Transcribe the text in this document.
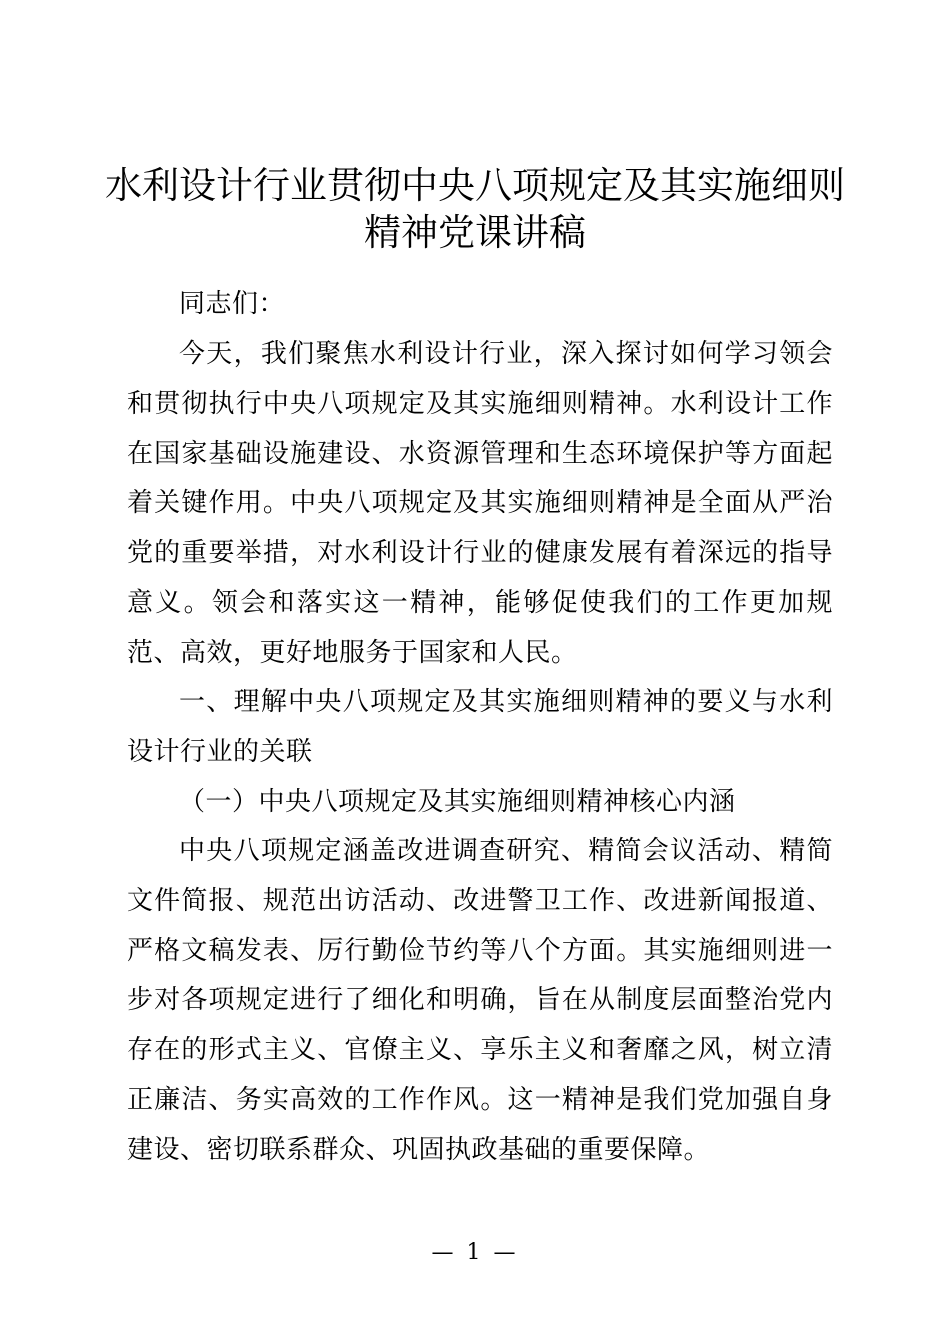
水利设计行业贯彻中央八项规定及其实施细则
精神党课讲稿

同志们：

今天，我们聚焦水利设计行业，深入探讨如何学习领会和贯彻执行中央八项规定及其实施细则精神。水利设计工作在国家基础设施建设、水资源管理和生态环境保护等方面起着关键作用。中央八项规定及其实施细则精神是全面从严治党的重要举措，对水利设计行业的健康发展有着深远的指导意义。领会和落实这一精神，能够促使我们的工作更加规范、高效，更好地服务于国家和人民。

一、理解中央八项规定及其实施细则精神的要义与水利设计行业的关联

（一）中央八项规定及其实施细则精神核心内涵

中央八项规定涵盖改进调查研究、精简会议活动、精简文件简报、规范出访活动、改进警卫工作、改进新闻报道、严格文稿发表、厉行勤俭节约等八个方面。其实施细则进一步对各项规定进行了细化和明确，旨在从制度层面整治党内存在的形式主义、官僚主义、享乐主义和奢靡之风，树立清正廉洁、务实高效的工作作风。这一精神是我们党加强自身建设、密切联系群众、巩固执政基础的重要保障。

— 1 —
